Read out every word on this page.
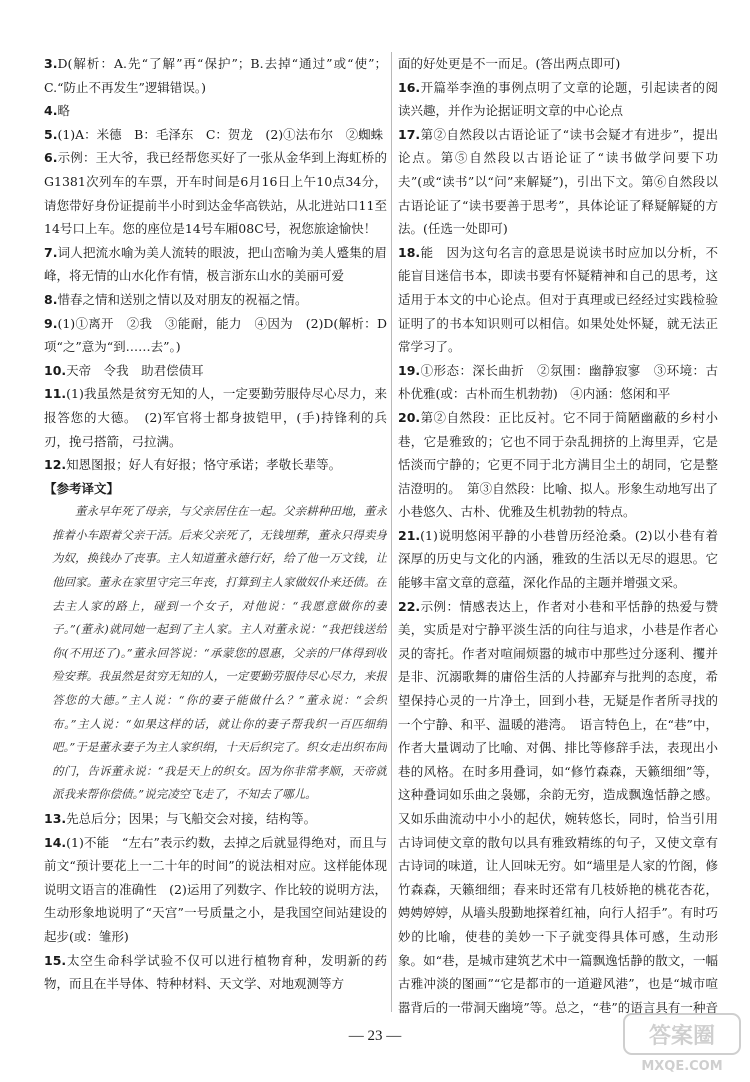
3.D(解析：A.先“了解”再“保护”；B.去掉“通过”或“使”；C.“防止不再发生”逻辑错误。)

4.略

5.(1)A：米德　B：毛泽东　C：贺龙　(2)①法布尔　②蜘蛛

6.示例：王大爷，我已经帮您买好了一张从金华到上海虹桥的G1381次列车的车票，开车时间是6月16日上午10点34分，请您带好身份证提前半小时到达金华高铁站，从北进站口11至14号口上车。您的座位是14号车厢08C号，祝您旅途愉快！

7.词人把流水喻为美人流转的眼波，把山峦喻为美人蹙集的眉峰，将无情的山水化作有情，极言浙东山水的美丽可爱

8.惜春之情和送别之情以及对朋友的祝福之情。

9.(1)①离开　②我　③能耐，能力　④因为　(2)D(解析：D项“之”意为“到……去”。)

10.天帝　令我　助君偿债耳

11.(1)我虽然是贫穷无知的人，一定要勤劳服侍尽心尽力，来报答您的大德。　(2)军官将士都身披铠甲，(手)持锋利的兵刃，挽弓搭箭，弓拉满。

12.知恩图报；好人有好报；恪守承诺；孝敬长辈等。

【参考译文】

董永早年死了母亲，与父亲居住在一起。父亲耕种田地，董永推着小车跟着父亲干活。后来父亲死了，无钱埋葬，董永只得卖身为奴，换钱办了丧事。主人知道董永德行好，给了他一万文钱，让他回家。董永在家里守完三年丧，打算到主人家做奴仆来还债。在去主人家的路上，碰到一个女子，对他说：“我愿意做你的妻子。”(董永)就同她一起到了主人家。主人对董永说：“我把钱送给你(不用还了)。”董永回答说：“承蒙您的恩惠，父亲的尸体得到收殓安葬。我虽然是贫穷无知的人，一定要勤劳服侍尽心尽力，来报答您的大德。”主人说：“你的妻子能做什么？”董永说：“会织布。”主人说：“如果这样的话，就让你的妻子帮我织一百匹细绢吧。”于是董永妻子为主人家织绢，十天后织完了。织女走出织布间的门，告诉董永说：“我是天上的织女。因为你非常孝顺，天帝就派我来帮你偿债。”说完凌空飞走了，不知去了哪儿。

13.先总后分；因果；与飞船交会对接，结构等。

14.(1)不能　“左右”表示约数，去掉之后就显得绝对，而且与前文“预计要花上一二十年的时间”的说法相对应。这样能体现说明文语言的准确性　(2)运用了列数字、作比较的说明方法，生动形象地说明了“天宫”一号质量之小，是我国空间站建设的起步(或：雏形)

15.太空生命科学试验不仅可以进行植物育种，发明新的药物，而且在半导体、特种材料、天文学、对地观测等方

面的好处更是不一而足。(答出两点即可)

16.开篇举李渔的事例点明了文章的论题，引起读者的阅读兴趣，并作为论据证明文章的中心论点

17.第②自然段以古语论证了“读书会疑才有进步”，提出论点。第⑤自然段以古语论证了“读书做学问要下功夫”(或“读书”以“问”来解疑”)，引出下文。第⑥自然段以古语论证了“读书要善于思考”，具体论证了释疑解疑的方法。(任选一处即可)

18.能　因为这句名言的意思是说读书时应加以分析，不能盲目迷信书本，即读书要有怀疑精神和自己的思考，这适用于本文的中心论点。但对于真理或已经经过实践检验证明了的书本知识则可以相信。如果处处怀疑，就无法正常学习了。

19.①形态：深长曲折　②氛围：幽静寂寥　③环境：古朴优雅(或：古朴而生机勃勃)　④内涵：悠闲和平

20.第②自然段：正比反衬。它不同于简陋幽蔽的乡村小巷，它是雅致的；它也不同于杂乱拥挤的上海里弄，它是恬淡而宁静的；它更不同于北方满目尘土的胡同，它是整洁澄明的。　第③自然段：比喻、拟人。形象生动地写出了小巷悠久、古朴、优雅及生机勃勃的特点。

21.(1)说明悠闲平静的小巷曾历经沧桑。(2)以小巷有着深厚的历史与文化的内涵，雅致的生活以无尽的遐思。它能够丰富文章的意蕴，深化作品的主题并增强文采。

22.示例：情感表达上，作者对小巷和平恬静的热爱与赞美，实质是对宁静平淡生活的向往与追求，小巷是作者心灵的寄托。作者对喧闹烦嚣的城市中那些过分逐利、攫并是非、沉溺歌舞的庸俗生活的人持鄙弃与批判的态度，希望保持心灵的一片净土，回到小巷，无疑是作者所寻找的一个宁静、和平、温暖的港湾。　语言特色上，在“巷”中，作者大量调动了比喻、对偶、排比等修辞手法，表现出小巷的风格。在时多用叠词，如“修竹森森，天籁细细”等，这种叠词如乐曲之袅娜，余韵无穷，造成飘逸恬静之感。又如乐曲流动中小小的起伏，婉转悠长，同时，恰当引用古诗词使文章的散句以具有雅致精练的句子，又使文章有古诗词的味道，让人回味无穷。如“墙里是人家的竹阁，修竹森森，天籁细细；春来时还常有几枝娇艳的桃花杏花，娉娉婷婷，从墙头殷勤地探着红袖，向行人招手”。有时巧妙的比喻，使巷的美妙一下子就变得具体可感，生动形象。如“巷，是城市建筑艺术中一篇飘逸恬静的散文，一幅古雅冲淡的图画”“它是都市的一道避风港”，也是“城市喧嚣背后的一带洞天幽境”等。总之，“巷”的语言具有一种音

— 23 —	答案圈
MXQE.COM
